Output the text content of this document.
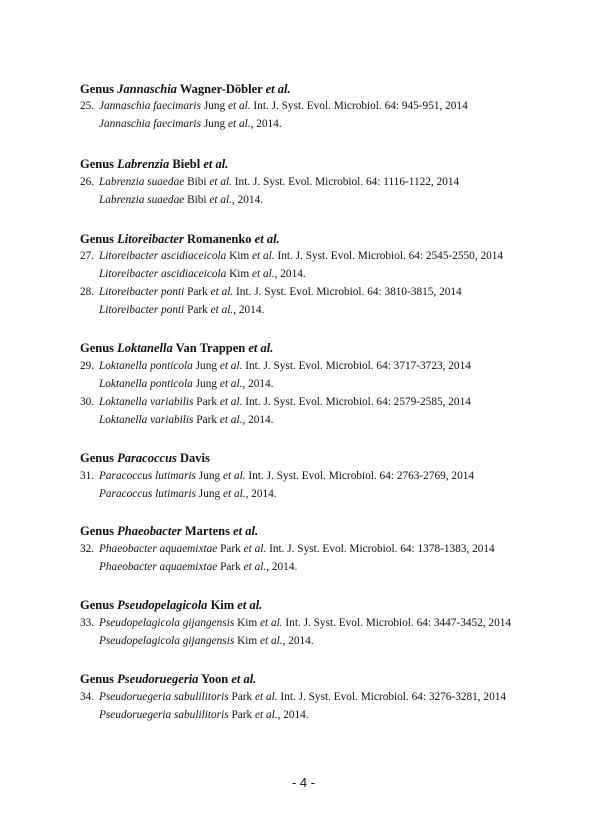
Genus Jannaschia Wagner-Döbler et al.
25. Jannaschia faecimaris Jung et al. Int. J. Syst. Evol. Microbiol. 64: 945-951, 2014
Jannaschia faecimaris Jung et al., 2014.
Genus Labrenzia Biebl et al.
26. Labrenzia suaedae Bibi et al. Int. J. Syst. Evol. Microbiol. 64: 1116-1122, 2014
Labrenzia suaedae Bibi et al., 2014.
Genus Litoreibacter Romanenko et al.
27. Litoreibacter ascidiaceicola Kim et al. Int. J. Syst. Evol. Microbiol. 64: 2545-2550, 2014
Litoreibacter ascidiaceicola Kim et al., 2014.
28. Litoreibacter ponti Park et al. Int. J. Syst. Evol. Microbiol. 64: 3810-3815, 2014
Litoreibacter ponti Park et al., 2014.
Genus Loktanella Van Trappen et al.
29. Loktanella ponticola Jung et al. Int. J. Syst. Evol. Microbiol. 64: 3717-3723, 2014
Loktanella ponticola Jung et al., 2014.
30. Loktanella variabilis Park et al. Int. J. Syst. Evol. Microbiol. 64: 2579-2585, 2014
Loktanella variabilis Park et al., 2014.
Genus Paracoccus Davis
31. Paracoccus lutimaris Jung et al. Int. J. Syst. Evol. Microbiol. 64: 2763-2769, 2014
Paracoccus lutimaris Jung et al., 2014.
Genus Phaeobacter Martens et al.
32. Phaeobacter aquaemixtae Park et al. Int. J. Syst. Evol. Microbiol. 64: 1378-1383, 2014
Phaeobacter aquaemixtae Park et al., 2014.
Genus Pseudopelagicola Kim et al.
33. Pseudopelagicola gijangensis Kim et al. Int. J. Syst. Evol. Microbiol. 64: 3447-3452, 2014
Pseudopelagicola gijangensis Kim et al., 2014.
Genus Pseudoruegeria Yoon et al.
34. Pseudoruegeria sabulilitoris Park et al. Int. J. Syst. Evol. Microbiol. 64: 3276-3281, 2014
Pseudoruegeria sabulilitoris Park et al., 2014.
- 4 -
